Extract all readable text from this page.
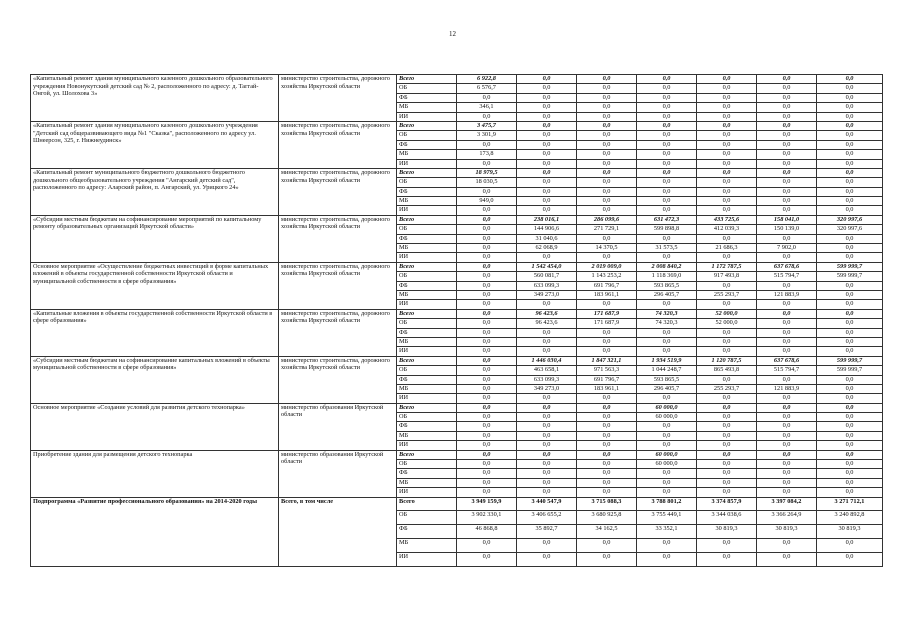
12
«Капитальный ремонт здания муниципального казенного дошкольного образовательного учреждения Новонукутский детский сад № 2, расположенного по адресу: д. Таггай-Онгой, ул. Шолохова 3»	министерство строительства, дорожного хозяйства Иркутской области	Всего	6 922,8	0,0	0,0	0,0	0,0	0,0	0,0
		ОБ	6 576,7	0,0	0,0	0,0	0,0	0,0	0,0
		ФБ	0,0	0,0	0,0	0,0	0,0	0,0	0,0
		МБ	346,1	0,0	0,0	0,0	0,0	0,0	0,0
		ИИ	0,0	0,0	0,0	0,0	0,0	0,0	0,0
«Капитальный ремонт здания муниципального казенного дошкольного учреждения "Детский сад общеразвивающего вида №1 "Сказка", расположенного по адресу ул. Шнеерсон, 325, г. Нижнеудинск»	министерство строительства, дорожного хозяйства Иркутской области	Всего	3 475,7	0,0	0,0	0,0	0,0	0,0	0,0
		ОБ	3 301,9	0,0	0,0	0,0	0,0	0,0	0,0
		ФБ	0,0	0,0	0,0	0,0	0,0	0,0	0,0
		МБ	173,8	0,0	0,0	0,0	0,0	0,0	0,0
		ИИ	0,0	0,0	0,0	0,0	0,0	0,0	0,0
«Капитальный ремонт муниципального бюджетного дошкольного бюджетного дошкольного общеобразовательного учреждения "Ангарский детский сад", расположенного по адресу: Аларский район, п. Ангарский, ул. Урицкого 24»	министерство строительства, дорожного хозяйства Иркутской области	Всего	18 979,5	0,0	0,0	0,0	0,0	0,0	0,0
		ОБ	18 030,5	0,0	0,0	0,0	0,0	0,0	0,0
		ФБ	0,0	0,0	0,0	0,0	0,0	0,0	0,0
		МБ	949,0	0,0	0,0	0,0	0,0	0,0	0,0
		ИИ	0,0	0,0	0,0	0,0	0,0	0,0	0,0
«Субсидии местным бюджетам на софинансирование мероприятий по капитальному ремонту образовательных организаций Иркутской области»	министерство строительства, дорожного хозяйства Иркутской области	Всего	0,0	238 016,1	286 099,6	631 472,3	433 725,6	158 041,0	320 997,6
		ОБ	0,0	144 906,6	271 729,1	599 898,8	412 039,3	150 139,0	320 997,6
		ФБ	0,0	31 040,6	0,0	0,0	0,0	0,0	0,0
		МБ	0,0	62 068,9	14 370,5	31 573,5	21 686,3	7 902,0	0,0
		ИИ	0,0	0,0	0,0	0,0	0,0	0,0	0,0
Основное мероприятие «Осуществление бюджетных инвестиций в форме капитальных вложений в объекты государственной собственности Иркутской области и муниципальной собственности в сфере образования»	министерство строительства, дорожного хозяйства Иркутской области	Всего	0,0	1 542 454,0	2 019 009,0	2 008 840,2	1 172 787,5	637 678,6	599 999,7
		ОБ	0,0	560 081,7	1 143 253,2	1 118 369,0	917 493,8	515 794,7	599 999,7
		ФБ	0,0	633 099,3	691 796,7	593 865,5	0,0	0,0	0,0
		МБ	0,0	349 273,0	183 961,1	296 405,7	255 293,7	121 883,9	0,0
		ИИ	0,0	0,0	0,0	0,0	0,0	0,0	0,0
«Капитальные вложения в объекты государственной собственности Иркутской области в сфере образования»	министерство строительства, дорожного хозяйства Иркутской области	Всего	0,0	96 423,6	171 687,9	74 320,3	52 000,0	0,0	0,0
		ОБ	0,0	96 423,6	171 687,9	74 320,3	52 000,0	0,0	0,0
		ФБ	0,0	0,0	0,0	0,0	0,0	0,0	0,0
		МБ	0,0	0,0	0,0	0,0	0,0	0,0	0,0
		ИИ	0,0	0,0	0,0	0,0	0,0	0,0	0,0
«Субсидии местным бюджетам на софинансирование капитальных вложений в объекты муниципальной собственности в сфере образования»	министерство строительства, дорожного хозяйства Иркутской области	Всего	0,0	1 446 030,4	1 847 321,1	1 934 519,9	1 120 787,5	637 678,6	599 999,7
		ОБ	0,0	463 658,1	971 563,3	1 044 248,7	865 493,8	515 794,7	599 999,7
		ФБ	0,0	633 099,3	691 796,7	593 865,5	0,0	0,0	0,0
		МБ	0,0	349 273,0	183 961,1	296 405,7	255 293,7	121 883,9	0,0
		ИИ	0,0	0,0	0,0	0,0	0,0	0,0	0,0
Основное мероприятие «Создание условий для развития детского технопарка»	министерство образования Иркутской области	Всего	0,0	0,0	0,0	60 000,0	0,0	0,0	0,0
		ОБ	0,0	0,0	0,0	60 000,0	0,0	0,0	0,0
		ФБ	0,0	0,0	0,0	0,0	0,0	0,0	0,0
		МБ	0,0	0,0	0,0	0,0	0,0	0,0	0,0
		ИИ	0,0	0,0	0,0	0,0	0,0	0,0	0,0
Приобретение здания для размещения детского технопарка	министерство образования Иркутской области	Всего	0,0	0,0	0,0	60 000,0	0,0	0,0	0,0
		ОБ	0,0	0,0	0,0	60 000,0	0,0	0,0	0,0
		ФБ	0,0	0,0	0,0	0,0	0,0	0,0	0,0
		МБ	0,0	0,0	0,0	0,0	0,0	0,0	0,0
		ИИ	0,0	0,0	0,0	0,0	0,0	0,0	0,0
Подпрограмма «Развитие профессионального образования» на 2014-2020 годы	Всего, в том числе	Всего	3 949 159,9	3 440 547,9	3 715 088,3	3 788 801,2	3 374 857,9	3 397 084,2	3 271 712,1
		ОБ	3 902 330,1	3 406 655,2	3 680 925,8	3 755 449,1	3 344 038,6	3 366 264,9	3 240 892,8
		ФБ	46 868,8	35 892,7	34 162,5	33 352,1	30 819,3	30 819,3	30 819,3
		МБ	0,0	0,0	0,0	0,0	0,0	0,0	0,0
		ИИ	0,0	0,0	0,0	0,0	0,0	0,0	0,0
